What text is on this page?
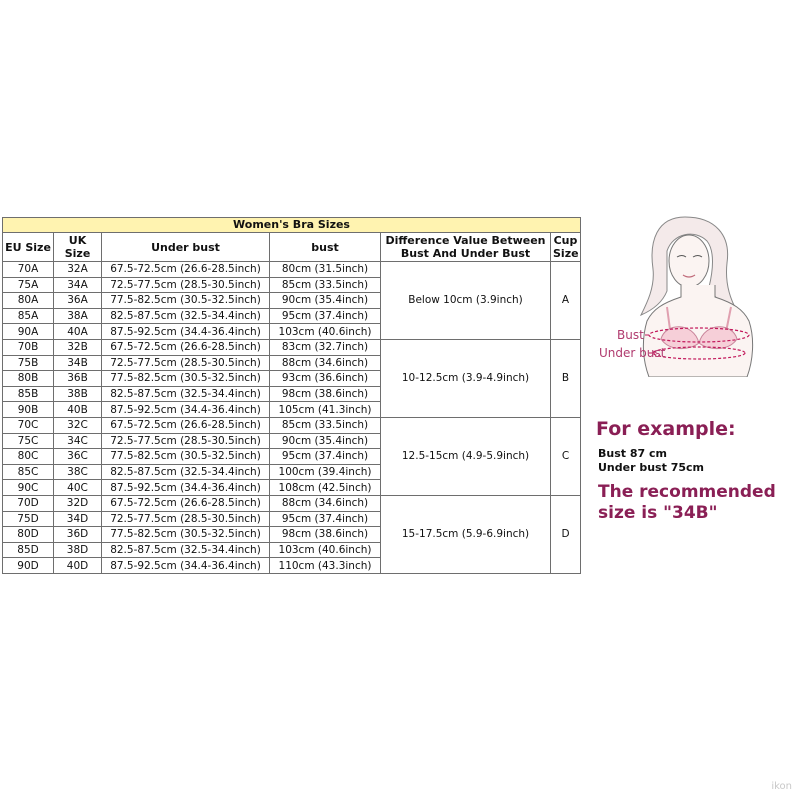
Women's Bra Sizes					
EU Size	UK Size	Under bust	bust	Difference Value Between Bust And Under Bust	Cup Size
70A	32A	67.5-72.5cm (26.6-28.5inch)	80cm (31.5inch)	Below 10cm (3.9inch)	A
75A	34A	72.5-77.5cm (28.5-30.5inch)	85cm (33.5inch)		
80A	36A	77.5-82.5cm (30.5-32.5inch)	90cm (35.4inch)		
85A	38A	82.5-87.5cm (32.5-34.4inch)	95cm (37.4inch)		
90A	40A	87.5-92.5cm (34.4-36.4inch)	103cm (40.6inch)		
70B	32B	67.5-72.5cm (26.6-28.5inch)	83cm (32.7inch)	10-12.5cm (3.9-4.9inch)	B
75B	34B	72.5-77.5cm (28.5-30.5inch)	88cm (34.6inch)		
80B	36B	77.5-82.5cm (30.5-32.5inch)	93cm (36.6inch)		
85B	38B	82.5-87.5cm (32.5-34.4inch)	98cm (38.6inch)		
90B	40B	87.5-92.5cm (34.4-36.4inch)	105cm (41.3inch)		
70C	32C	67.5-72.5cm (26.6-28.5inch)	85cm (33.5inch)	12.5-15cm (4.9-5.9inch)	C
75C	34C	72.5-77.5cm (28.5-30.5inch)	90cm (35.4inch)		
80C	36C	77.5-82.5cm (30.5-32.5inch)	95cm (37.4inch)		
85C	38C	82.5-87.5cm (32.5-34.4inch)	100cm (39.4inch)		
90C	40C	87.5-92.5cm (34.4-36.4inch)	108cm (42.5inch)		
70D	32D	67.5-72.5cm (26.6-28.5inch)	88cm (34.6inch)	15-17.5cm (5.9-6.9inch)	D
75D	34D	72.5-77.5cm (28.5-30.5inch)	95cm (37.4inch)		
80D	36D	77.5-82.5cm (30.5-32.5inch)	98cm (38.6inch)		
85D	38D	82.5-87.5cm (32.5-34.4inch)	103cm (40.6inch)		
90D	40D	87.5-92.5cm (34.4-36.4inch)	110cm (43.3inch)		
Bust
Under bust
For example:
Bust 87 cm
Under bust 75cm
The recommended
size is "34B"
ikon
